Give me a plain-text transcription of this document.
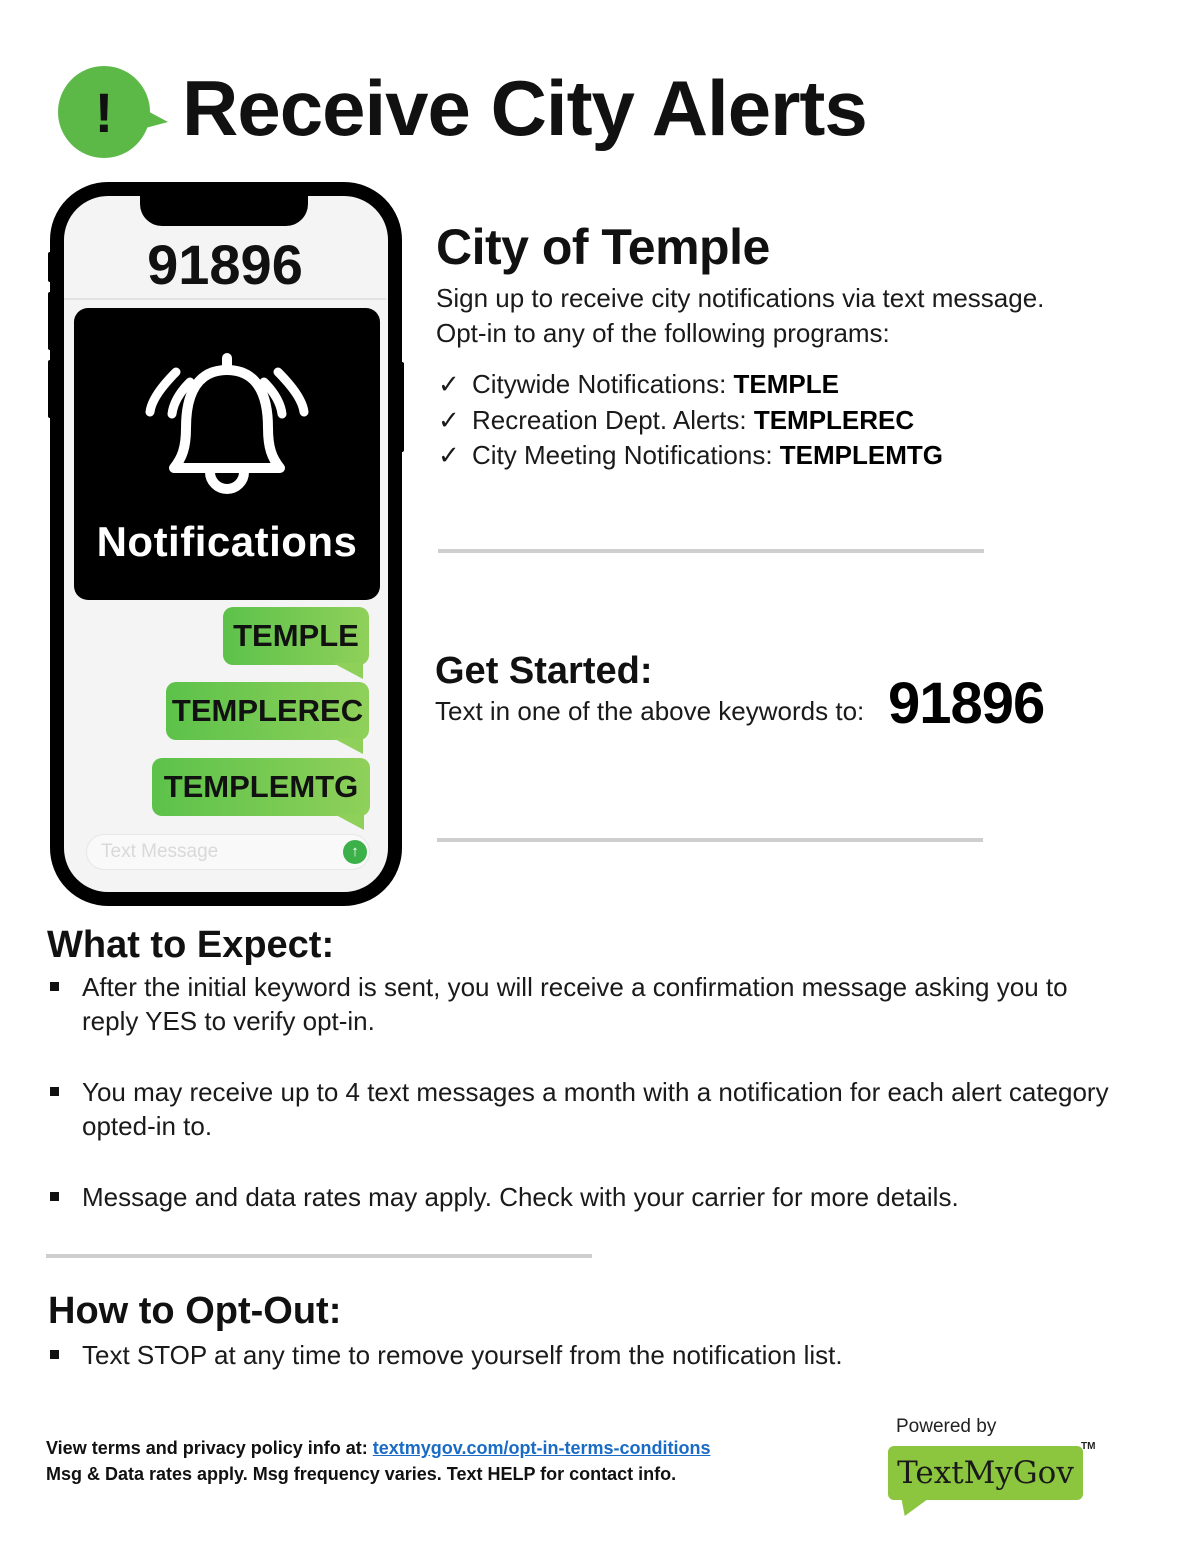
! Receive City Alerts
91896
Notifications
TEMPLE
TEMPLEREC
TEMPLEMTG
Text Message	↑
City of Temple
Sign up to receive city notifications via text message.
Opt-in to any of the following programs:
✓ Citywide Notifications: TEMPLE
✓ Recreation Dept. Alerts: TEMPLEREC
✓ City Meeting Notifications: TEMPLEMTG
Get Started:
Text in one of the above keywords to: 91896
What to Expect:
After the initial keyword is sent, you will receive a confirmation message asking you to reply YES to verify opt-in.
You may receive up to 4 text messages a month with a notification for each alert category opted-in to.
Message and data rates may apply. Check with your carrier for more details.
How to Opt-Out:
Text STOP at any time to remove yourself from the notification list.
View terms and privacy policy info at: textmygov.com/opt-in-terms-conditions
Msg & Data rates apply. Msg frequency varies. Text HELP for contact info.
Powered by
TextMyGov
TM
